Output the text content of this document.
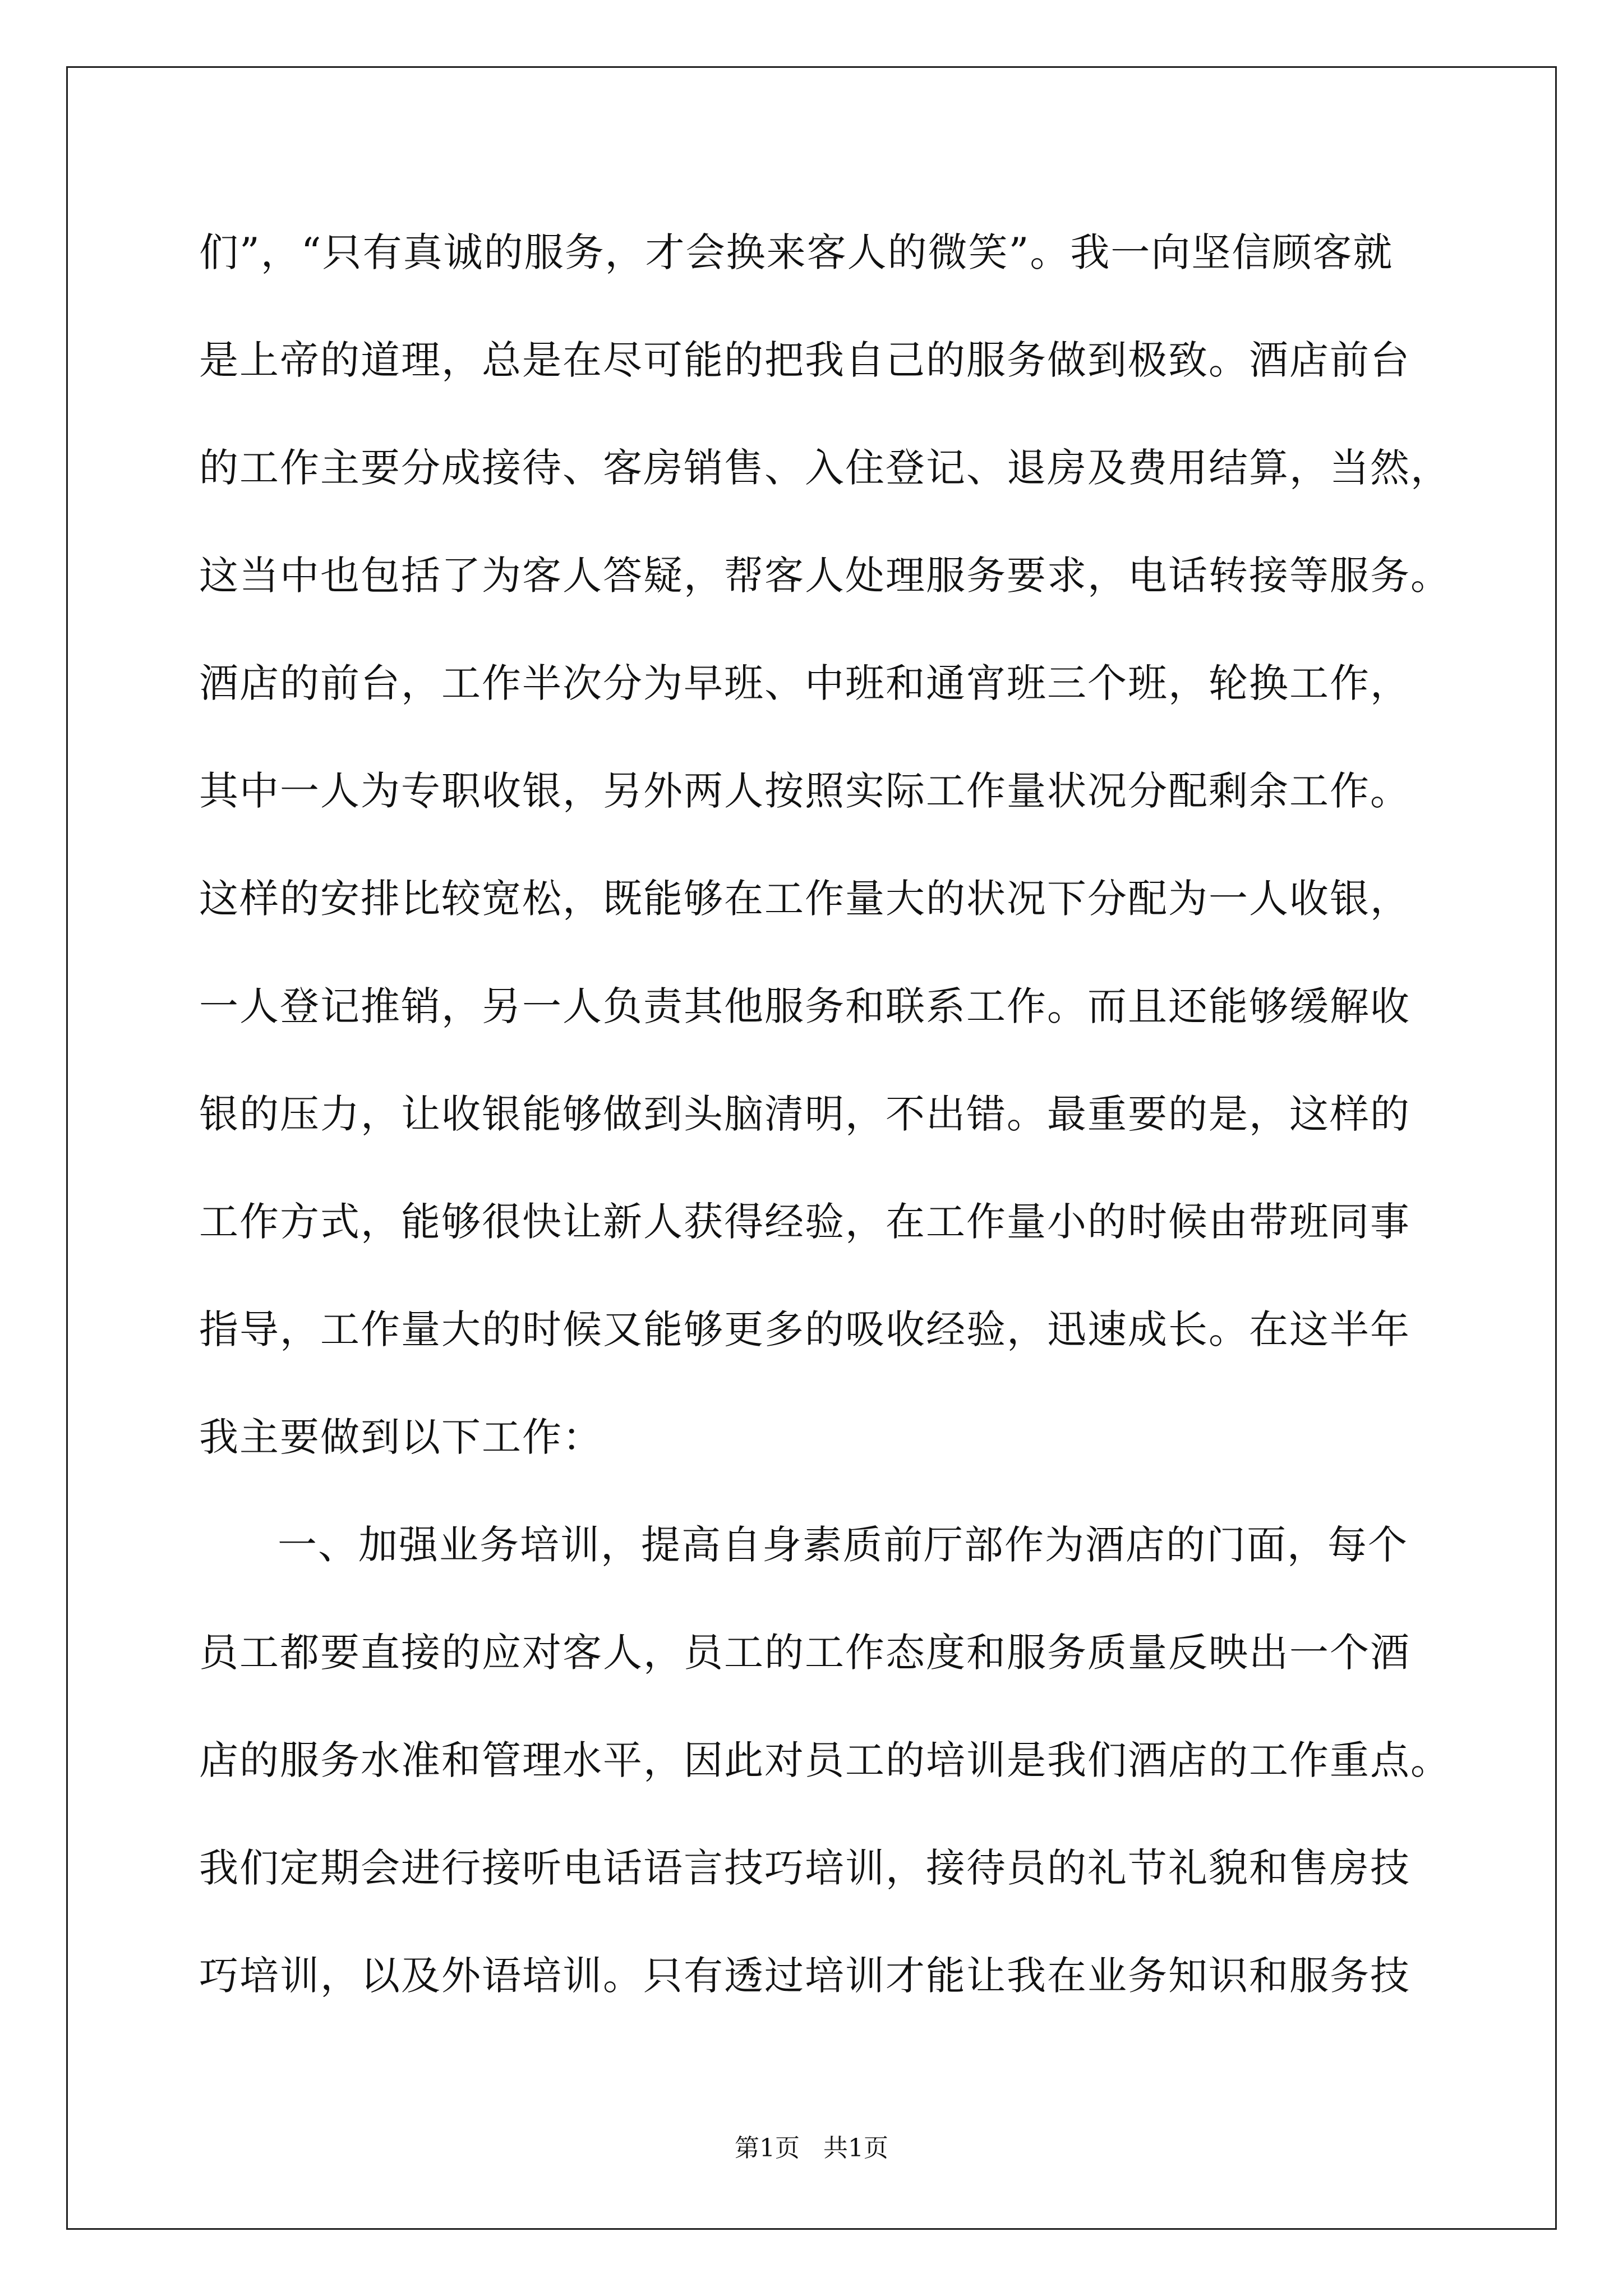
们”，“只有真诚的服务，才会换来客人的微笑”。我一向坚信顾客就
是上帝的道理，总是在尽可能的把我自己的服务做到极致。酒店前台
的工作主要分成接待、客房销售、入住登记、退房及费用结算，当然，
这当中也包括了为客人答疑，帮客人处理服务要求，电话转接等服务。
酒店的前台，工作半次分为早班、中班和通宵班三个班，轮换工作，
其中一人为专职收银，另外两人按照实际工作量状况分配剩余工作。
这样的安排比较宽松，既能够在工作量大的状况下分配为一人收银，
一人登记推销，另一人负责其他服务和联系工作。而且还能够缓解收
银的压力，让收银能够做到头脑清明，不出错。最重要的是，这样的
工作方式，能够很快让新人获得经验，在工作量小的时候由带班同事
指导，工作量大的时候又能够更多的吸收经验，迅速成长。在这半年
我主要做到以下工作：
一、加强业务培训，提高自身素质前厅部作为酒店的门面，每个
员工都要直接的应对客人，员工的工作态度和服务质量反映出一个酒
店的服务水准和管理水平，因此对员工的培训是我们酒店的工作重点。
我们定期会进行接听电话语言技巧培训，接待员的礼节礼貌和售房技
巧培训，以及外语培训。只有透过培训才能让我在业务知识和服务技
第1页 共1页
